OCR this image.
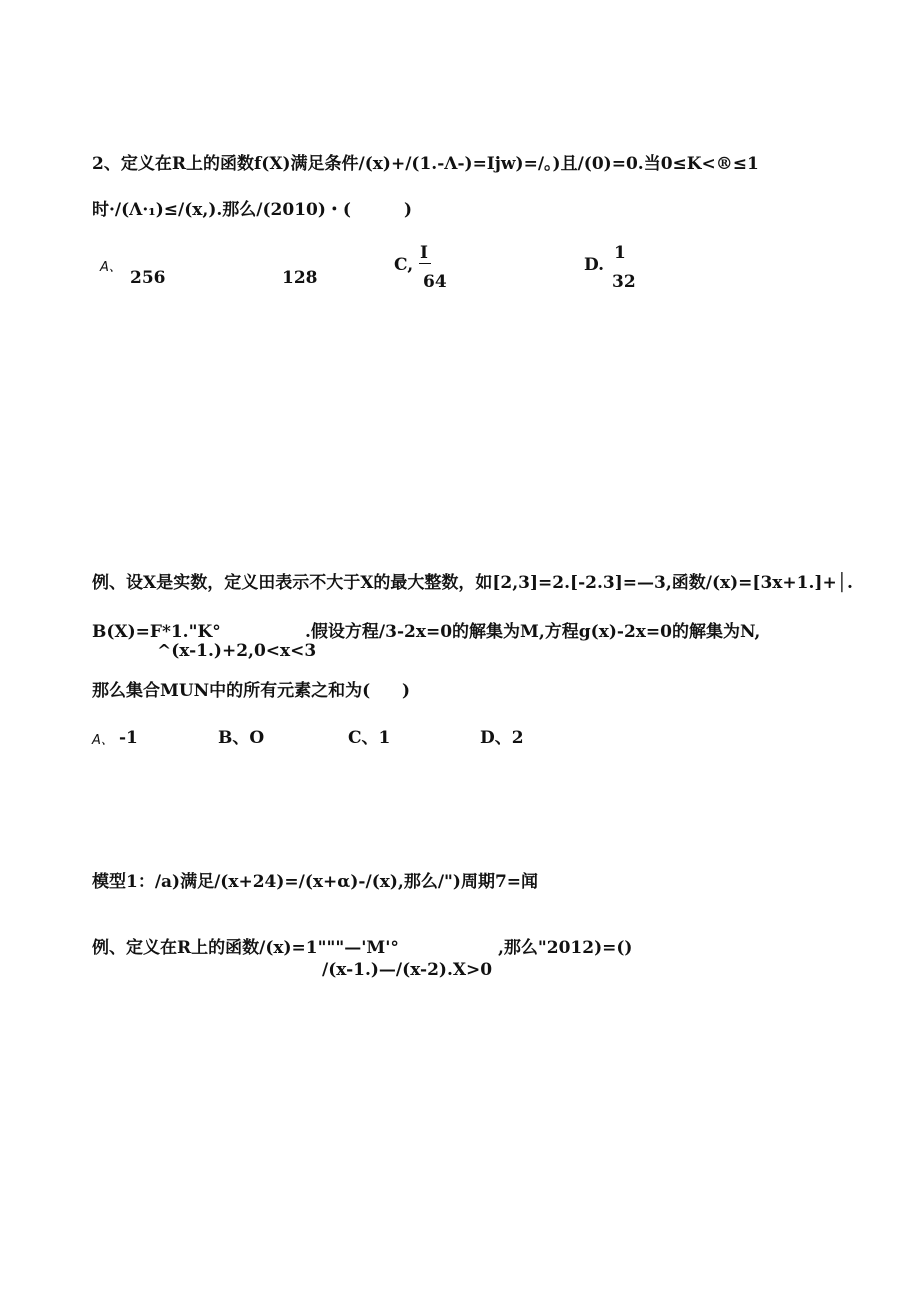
2、定义在R上的函数f(X)满足条件/(x)+/(1.-Λ-)=Ijw)=/。)且/(0)=0.当0≤K<®≤1
时·/(Λ·₁)≤/(x,).那么/(2010)・(	)
A、
256	128
C,
I
64
D.
1
32
例、设X是实数，定义田表示不大于X的最大整数，如[2,3]=2.[-2.3]=—3,函数/(x)=[3x+1.]+│.
B(X)=F*1."K°	.假设方程/3-2x=0的解集为M,方程g(x)-2x=0的解集为N,
^(x-1.)+2,0<x<3
那么集合MUN中的所有元素之和为( )
A、 -1	B、O	C、1	D、2
模型1：/a)满足/(x+24)=/(x+α)-/(x),那么/")周期7=闻
例、定义在R上的函数/(x)=1"""—'M'°	,那么"2012)=()
/(x-1.)—/(x-2).X>0
